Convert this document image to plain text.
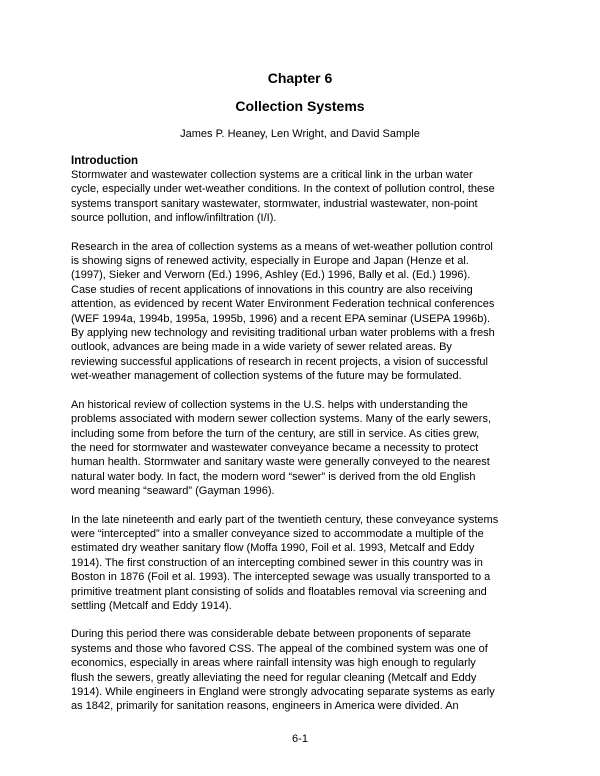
Chapter 6
Collection Systems
James P. Heaney, Len Wright, and David Sample

Introduction

Stormwater and wastewater collection systems are a critical link in the urban water
cycle, especially under wet-weather conditions. In the context of pollution control, these
systems transport sanitary wastewater, stormwater, industrial wastewater, non-point
source pollution, and inflow/infiltration (I/I).

Research in the area of collection systems as a means of wet-weather pollution control
is showing signs of renewed activity, especially in Europe and Japan (Henze et al.
(1997), Sieker and Verworn (Ed.) 1996, Ashley (Ed.) 1996, Bally et al. (Ed.) 1996).
Case studies of recent applications of innovations in this country are also receiving
attention, as evidenced by recent Water Environment Federation technical conferences
(WEF 1994a, 1994b, 1995a, 1995b, 1996) and a recent EPA seminar (USEPA 1996b).
By applying new technology and revisiting traditional urban water problems with a fresh
outlook, advances are being made in a wide variety of sewer related areas. By
reviewing successful applications of research in recent projects, a vision of successful
wet-weather management of collection systems of the future may be formulated.

An historical review of collection systems in the U.S. helps with understanding the
problems associated with modern sewer collection systems. Many of the early sewers,
including some from before the turn of the century, are still in service. As cities grew,
the need for stormwater and wastewater conveyance became a necessity to protect
human health. Stormwater and sanitary waste were generally conveyed to the nearest
natural water body. In fact, the modern word “sewer” is derived from the old English
word meaning “seaward” (Gayman 1996).

In the late nineteenth and early part of the twentieth century, these conveyance systems
were “intercepted” into a smaller conveyance sized to accommodate a multiple of the
estimated dry weather sanitary flow (Moffa 1990, Foil et al. 1993, Metcalf and Eddy
1914). The first construction of an intercepting combined sewer in this country was in
Boston in 1876 (Foil et al. 1993). The intercepted sewage was usually transported to a
primitive treatment plant consisting of solids and floatables removal via screening and
settling (Metcalf and Eddy 1914).

During this period there was considerable debate between proponents of separate
systems and those who favored CSS. The appeal of the combined system was one of
economics, especially in areas where rainfall intensity was high enough to regularly
flush the sewers, greatly alleviating the need for regular cleaning (Metcalf and Eddy
1914). While engineers in England were strongly advocating separate systems as early
as 1842, primarily for sanitation reasons, engineers in America were divided. An

6-1
